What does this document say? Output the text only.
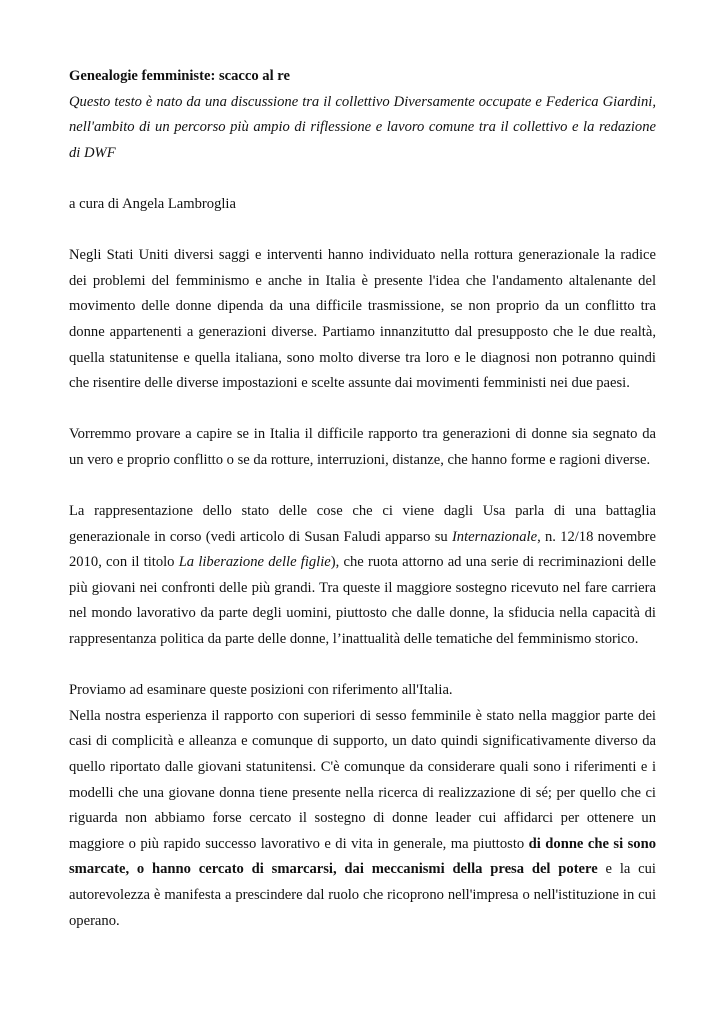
Genealogie femministe: scacco al re

Questo testo è nato da una discussione tra il collettivo Diversamente occupate e Federica Giardini, nell'ambito di un percorso più ampio di riflessione e lavoro comune tra il collettivo e la redazione di DWF

a cura di Angela Lambroglia

Negli Stati Uniti diversi saggi e interventi hanno individuato nella rottura generazionale la radice dei problemi del femminismo e anche in Italia è presente l'idea che l'andamento altalenante del movimento delle donne dipenda da una difficile trasmissione, se non proprio da un conflitto tra donne appartenenti a generazioni diverse. Partiamo innanzitutto dal presupposto che le due realtà, quella statunitense e quella italiana, sono molto diverse tra loro e le diagnosi non potranno quindi che risentire delle diverse impostazioni e scelte assunte dai movimenti femministi nei due paesi.

Vorremmo provare a capire se in Italia il difficile rapporto tra generazioni di donne sia segnato da un vero e proprio conflitto o se da rotture, interruzioni, distanze, che hanno forme e ragioni diverse.

La rappresentazione dello stato delle cose che ci viene dagli Usa parla di una battaglia generazionale in corso (vedi articolo di Susan Faludi apparso su Internazionale, n. 12/18 novembre 2010, con il titolo La liberazione delle figlie), che ruota attorno ad una serie di recriminazioni delle più giovani nei confronti delle più grandi. Tra queste il maggiore sostegno ricevuto nel fare carriera nel mondo lavorativo da parte degli uomini, piuttosto che dalle donne, la sfiducia nella capacità di rappresentanza politica da parte delle donne, l’inattualità delle tematiche del femminismo storico.

Proviamo ad esaminare queste posizioni con riferimento all'Italia.

Nella nostra esperienza il rapporto con superiori di sesso femminile è stato nella maggior parte dei casi di complicità e alleanza e comunque di supporto, un dato quindi significativamente diverso da quello riportato dalle giovani statunitensi. C'è comunque da considerare quali sono i riferimenti e i modelli che una giovane donna tiene presente nella ricerca di realizzazione di sé; per quello che ci riguarda non abbiamo forse cercato il sostegno di donne leader cui affidarci per ottenere un maggiore o più rapido successo lavorativo e di vita in generale, ma piuttosto di donne che si sono smarcate, o hanno cercato di smarcarsi, dai meccanismi della presa del potere e la cui autorevolezza è manifesta a prescindere dal ruolo che ricoprono nell'impresa o nell'istituzione in cui operano.
